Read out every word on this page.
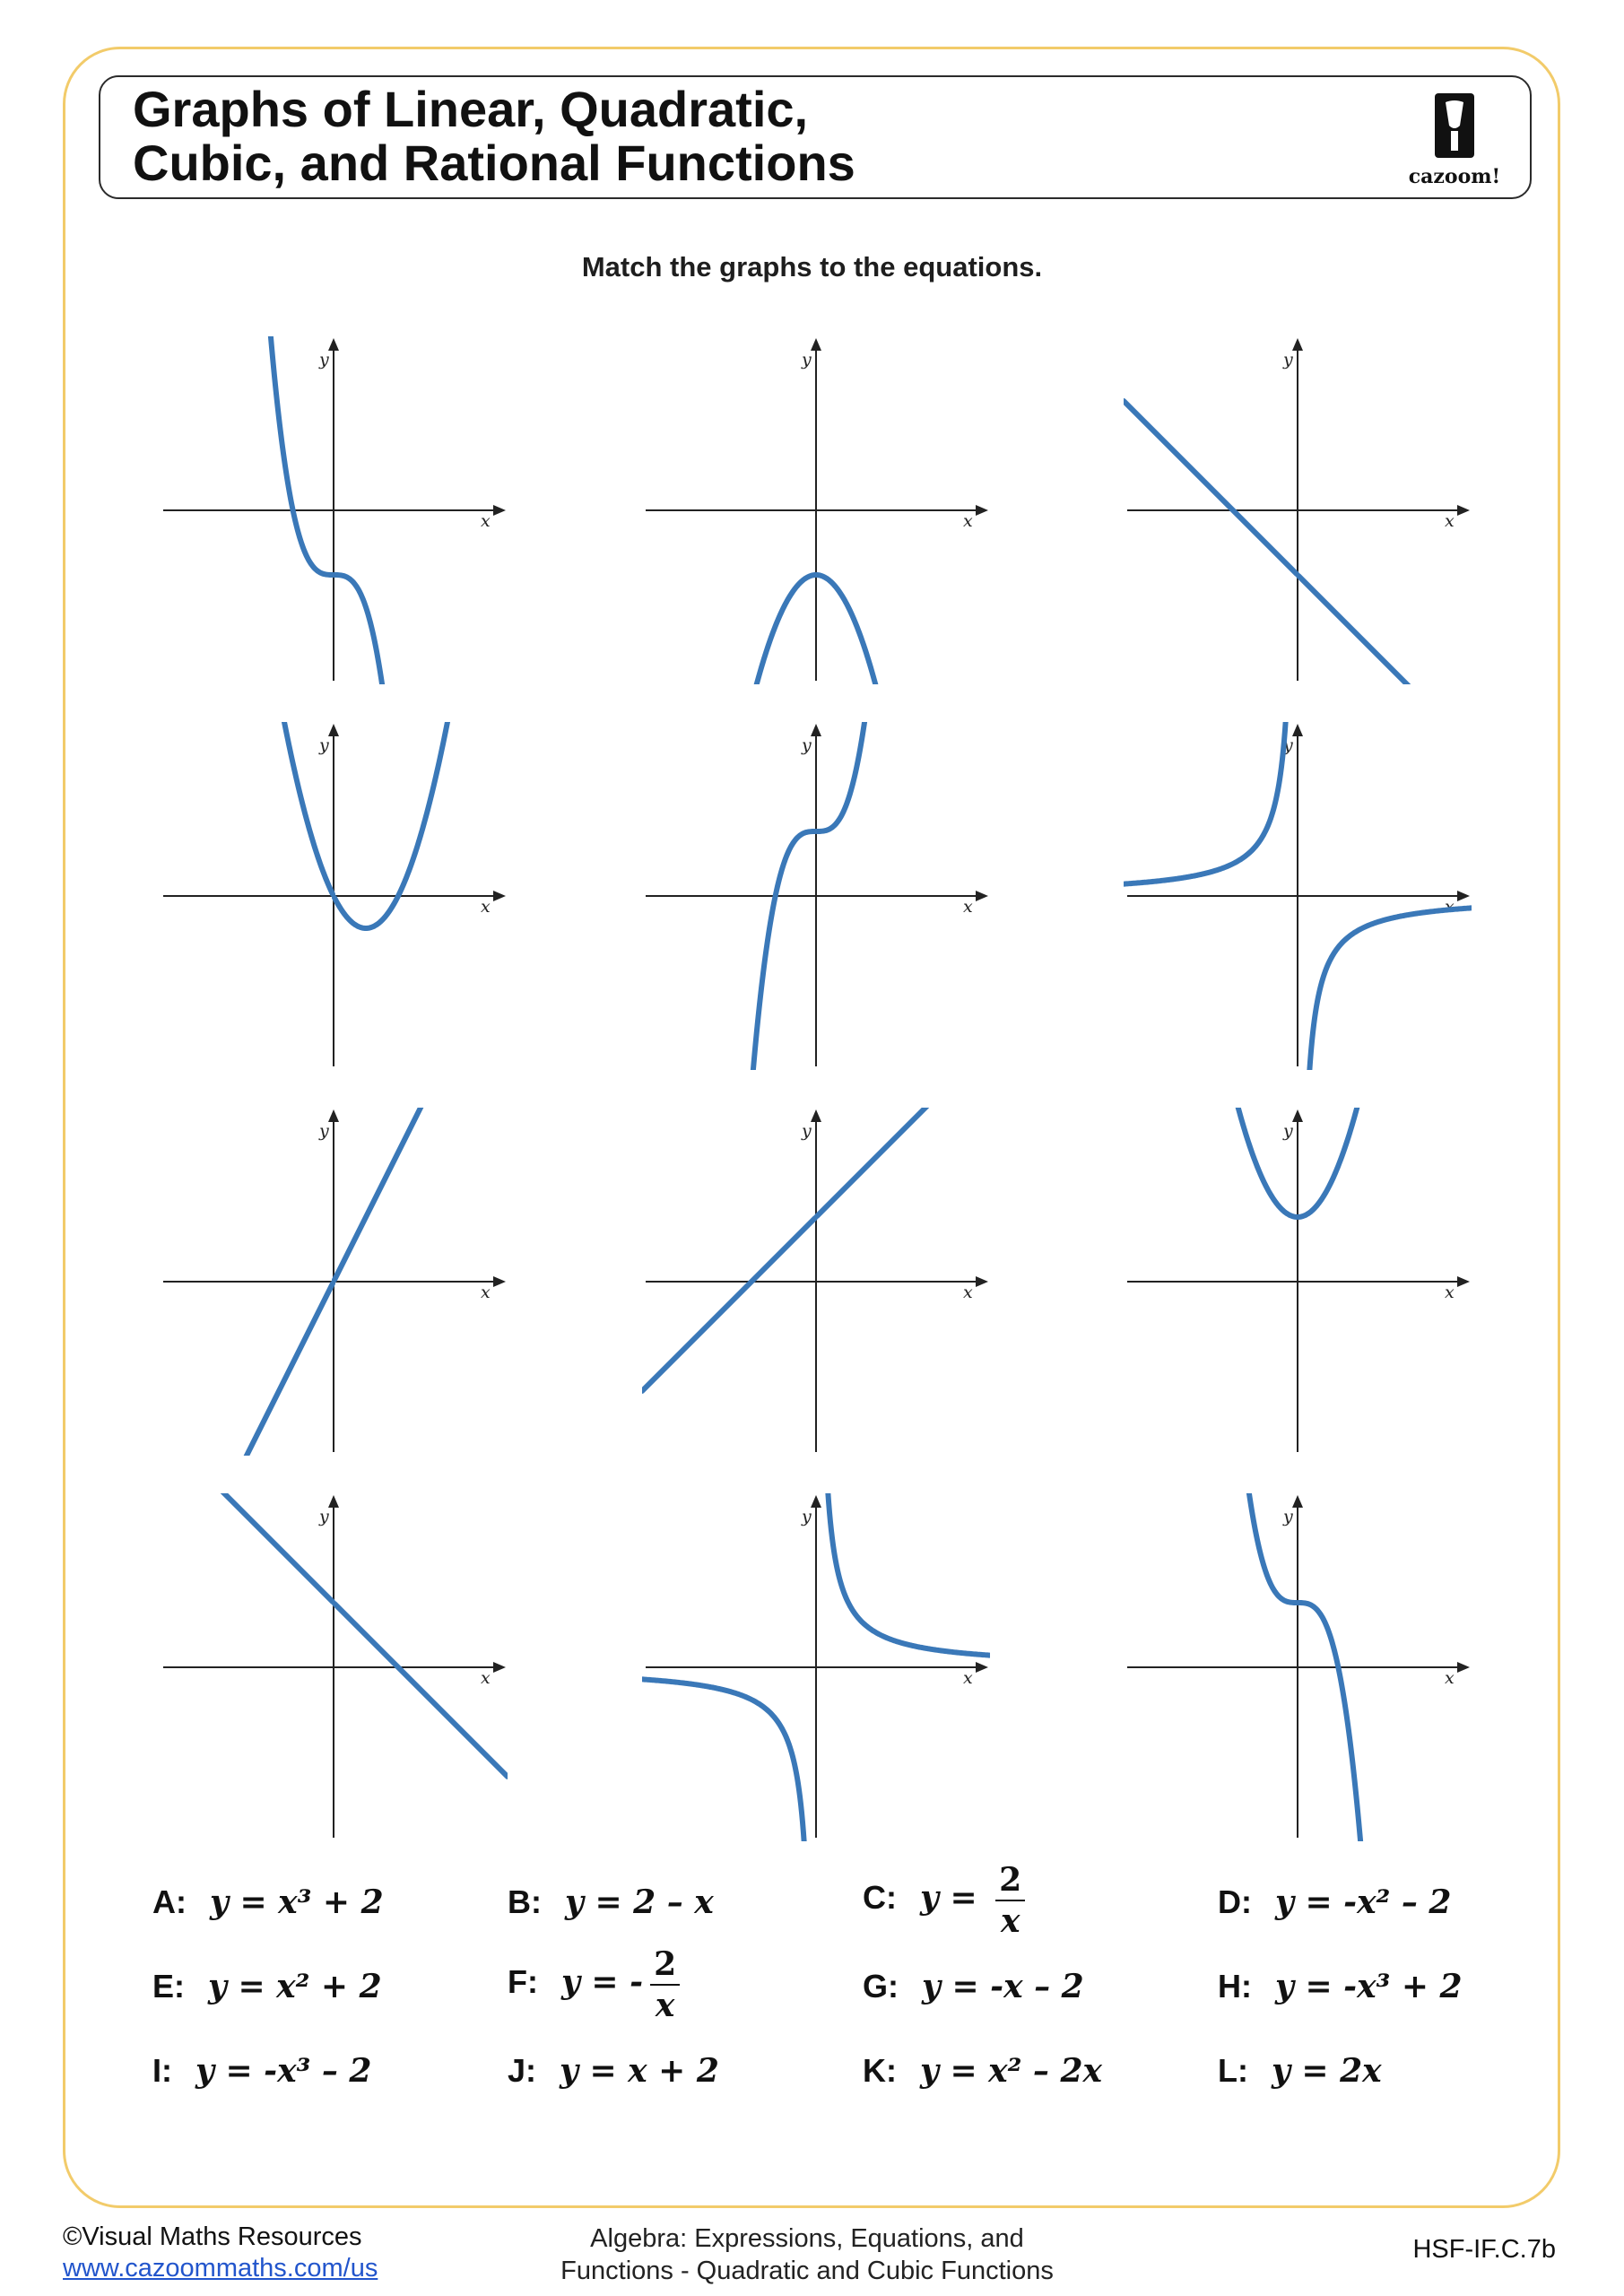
Graphs of Linear, Quadratic,
Cubic, and Rational Functions	cazoom!
Match the graphs to the equations.
x
y
x
y
x
y
x
y
x
y
x
y
x
y
x
y
x
y
x
y
x
y
x
y
A: y = x³ + 2	B: y = 2 – x	C: $y = \frac{2}{x}$	D: y = -x² – 2
E: y = x² + 2	F: y = - $\frac{2}{x}$	G: y = -x – 2	H: y = -x³ + 2
I: y = -x³ – 2	J: y = x + 2	K: y = x² – 2x	L: y = 2x
©Visual Maths Resources
www.cazoommaths.com/us
Algebra: Expressions, Equations, and
Functions - Quadratic and Cubic Functions
HSF-IF.C.7b
